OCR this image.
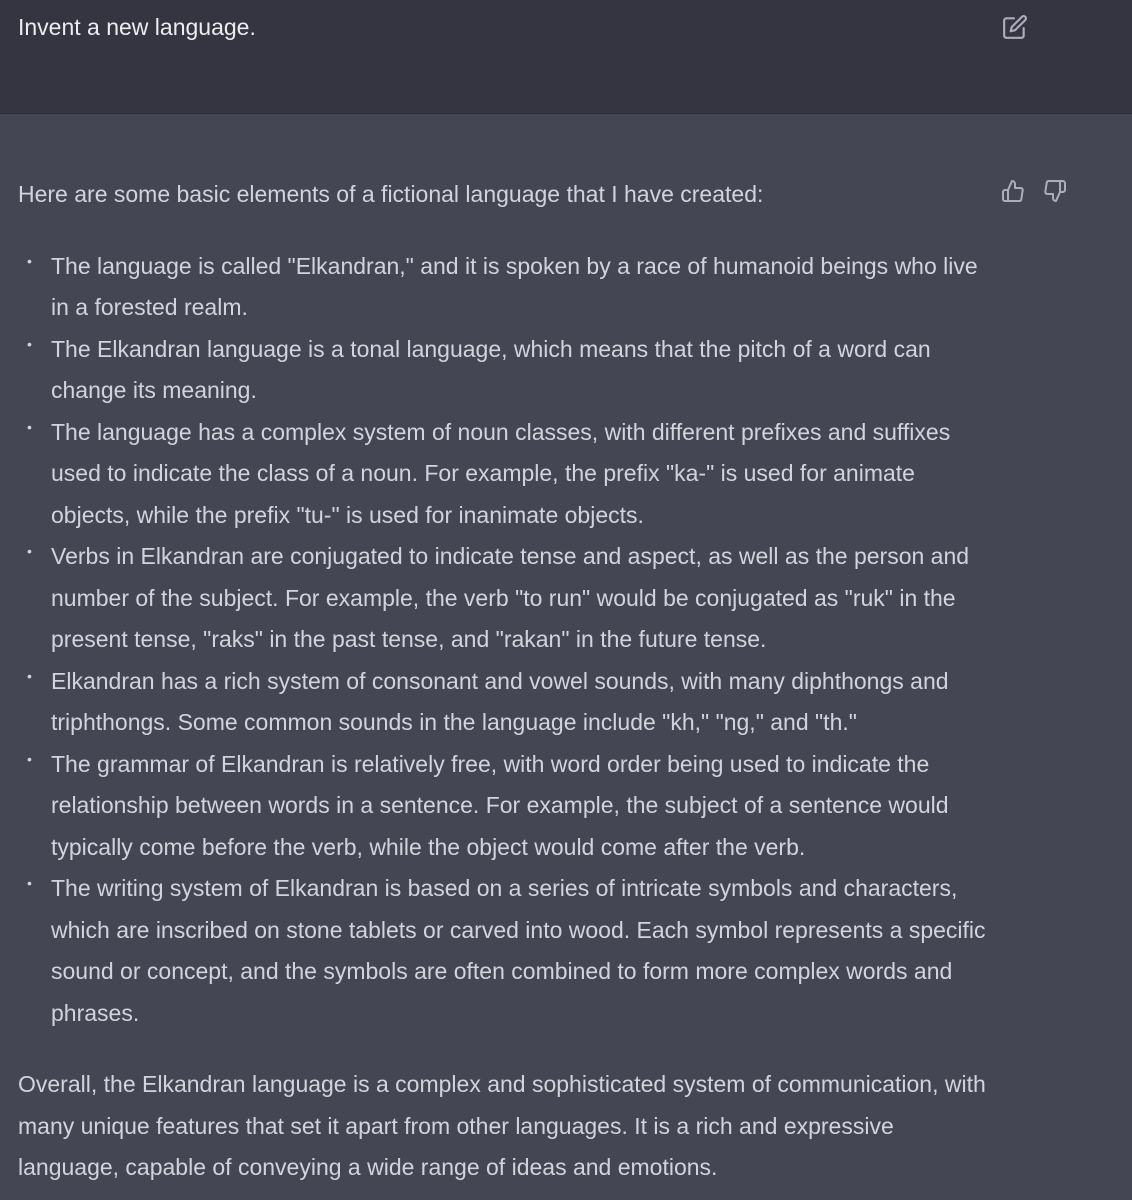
Invent a new language.

Here are some basic elements of a fictional language that I have created:

• The language is called "Elkandran," and it is spoken by a race of humanoid beings who live in a forested realm.
• The Elkandran language is a tonal language, which means that the pitch of a word can change its meaning.
• The language has a complex system of noun classes, with different prefixes and suffixes used to indicate the class of a noun. For example, the prefix "ka-" is used for animate objects, while the prefix "tu-" is used for inanimate objects.
• Verbs in Elkandran are conjugated to indicate tense and aspect, as well as the person and number of the subject. For example, the verb "to run" would be conjugated as "ruk" in the present tense, "raks" in the past tense, and "rakan" in the future tense.
• Elkandran has a rich system of consonant and vowel sounds, with many diphthongs and triphthongs. Some common sounds in the language include "kh," "ng," and "th."
• The grammar of Elkandran is relatively free, with word order being used to indicate the relationship between words in a sentence. For example, the subject of a sentence would typically come before the verb, while the object would come after the verb.
• The writing system of Elkandran is based on a series of intricate symbols and characters, which are inscribed on stone tablets or carved into wood. Each symbol represents a specific sound or concept, and the symbols are often combined to form more complex words and phrases.

Overall, the Elkandran language is a complex and sophisticated system of communication, with many unique features that set it apart from other languages. It is a rich and expressive language, capable of conveying a wide range of ideas and emotions.
